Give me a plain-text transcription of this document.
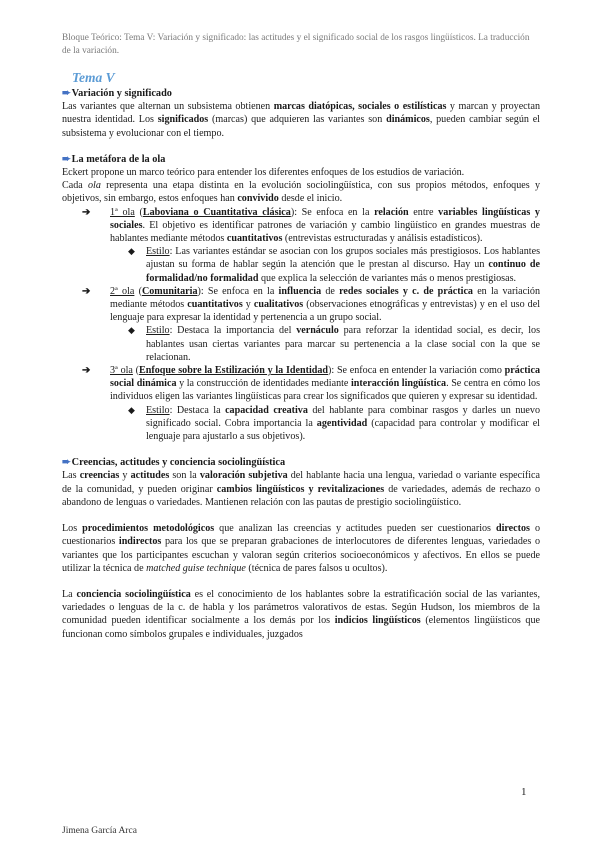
Bloque Teórico: Tema V: Variación y significado: las actitudes y el significado social de los rasgos lingüísticos. La traducción de la variación.
Tema V

➨Variación y significado

Las variantes que alternan un subsistema obtienen marcas diatópicas, sociales o estilísticas y marcan y proyectan nuestra identidad. Los significados (marcas) que adquieren las variantes son dinámicos, pueden cambiar según el subsistema y evolucionar con el tiempo.

➨La metáfora de la ola

Eckert propone un marco teórico para entender los diferentes enfoques de los estudios de variación.

Cada ola representa una etapa distinta en la evolución sociolingüística, con sus propios métodos, enfoques y objetivos, sin embargo, estos enfoques han convivido desde el inicio.

➔ 1ª ola (Laboviana o Cuantitativa clásica): Se enfoca en la relación entre variables lingüísticas y sociales. El objetivo es identificar patrones de variación y cambio lingüístico en grandes muestras de hablantes mediante métodos cuantitativos (entrevistas estructuradas y análisis estadísticos).

◆ Estilo: Las variantes estándar se asocian con los grupos sociales más prestigiosos. Los hablantes ajustan su forma de hablar según la atención que le prestan al discurso. Hay un continuo de formalidad/no formalidad que explica la selección de variantes más o menos prestigiosas.

➔ 2ª ola (Comunitaria): Se enfoca en la influencia de redes sociales y c. de práctica en la variación mediante métodos cuantitativos y cualitativos (observaciones etnográficas y entrevistas) y en el uso del lenguaje para expresar la identidad y pertenencia a un grupo social.

◆ Estilo: Destaca la importancia del vernáculo para reforzar la identidad social, es decir, los hablantes usan ciertas variantes para marcar su pertenencia a la clase social con la que se relacionan.

➔ 3ª ola (Enfoque sobre la Estilización y la Identidad): Se enfoca en entender la variación como práctica social dinámica y la construcción de identidades mediante interacción lingüística. Se centra en cómo los individuos eligen las variantes lingüísticas para crear los significados que quieren y expresar su identidad.

◆ Estilo: Destaca la capacidad creativa del hablante para combinar rasgos y darles un nuevo significado social. Cobra importancia la agentividad (capacidad para controlar y modificar el lenguaje para ajustarlo a sus objetivos).

➨Creencias, actitudes y conciencia sociolingüística

Las creencias y actitudes son la valoración subjetiva del hablante hacia una lengua, variedad o variante específica de la comunidad, y pueden originar cambios lingüísticos y revitalizaciones de variedades, además de rechazo o abandono de lenguas o variedades. Mantienen relación con las pautas de prestigio sociolingüístico.

Los procedimientos metodológicos que analizan las creencias y actitudes pueden ser cuestionarios directos o cuestionarios indirectos para los que se preparan grabaciones de interlocutores de diferentes lenguas, variedades o variantes que los participantes escuchan y valoran según criterios socioeconómicos y afectivos. En ellos se puede utilizar la técnica de matched guise technique (técnica de pares falsos u ocultos).

La conciencia sociolingüística es el conocimiento de los hablantes sobre la estratificación social de las variantes, variedades o lenguas de la c. de habla y los parámetros valorativos de estas. Según Hudson, los miembros de la comunidad pueden identificar socialmente a los demás por los indicios lingüísticos (elementos lingüísticos que funcionan como símbolos grupales e individuales, juzgados

1
Jimena García Arca
